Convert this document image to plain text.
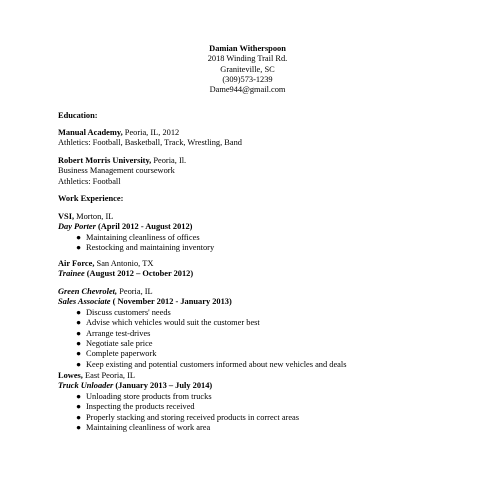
Damian Witherspoon
2018 Winding Trail Rd.
Graniteville, SC
(309)573-1239
Dame944@gmail.com
Education:
Manual Academy, Peoria, IL, 2012
Athletics: Football, Basketball, Track, Wrestling, Band
Robert Morris University, Peoria, Il.
Business Management coursework
Athletics: Football
Work Experience:
VSI, Morton, IL
Day Porter (April 2012 - August 2012)
● Maintaining cleanliness of offices
● Restocking and maintaining inventory
Air Force, San Antonio, TX
Trainee (August 2012 – October 2012)
Green Chevrolet, Peoria, IL
Sales Associate ( November 2012 - January 2013)
● Discuss customers' needs
● Advise which vehicles would suit the customer best
● Arrange test-drives
● Negotiate sale price
● Complete paperwork
● Keep existing and potential customers informed about new vehicles and deals
Lowes, East Peoria, IL
Truck Unloader (January 2013 – July 2014)
● Unloading store products from trucks
● Inspecting the products received
● Properly stacking and storing received products in correct areas
● Maintaining cleanliness of work area
